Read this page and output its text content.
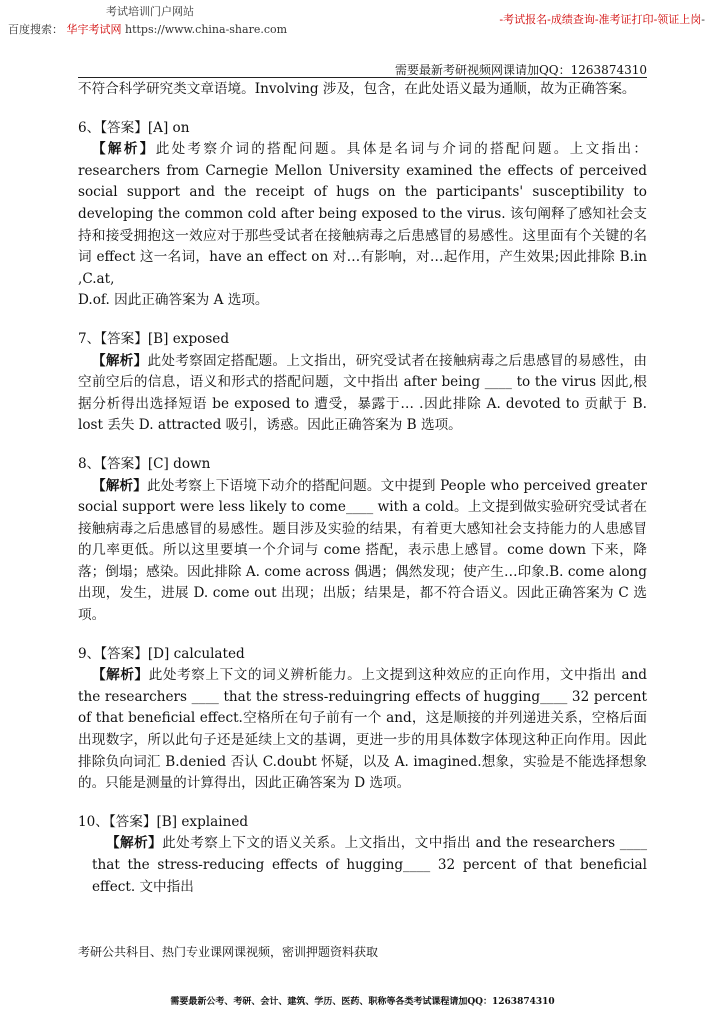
考试培训门户网站
百度搜索： 华宇考试网 https://www.china-share.com
-考试报名-成绩查询-准考证打印-领证上岗-
需要最新考研视频网课请加QQ：1263874310

不符合科学研究类文章语境。Involving 涉及，包含，在此处语义最为通顺，故为正确答案。

6、【答案】[A] on

【解析】此处考察介词的搭配问题。具体是名词与介词的搭配问题。上文指出：researchers from Carnegie Mellon University examined the effects of perceived social support and the receipt of hugs on the participants' susceptibility to developing the common cold after being exposed to the virus. 该句阐释了感知社会支持和接受拥抱这一效应对于那些受试者在接触病毒之后患感冒的易感性。这里面有个关键的名词 effect 这一名词，have an effect on 对…有影响，对…起作用，产生效果;因此排除 B.in ,C.at,

D.of. 因此正确答案为 A 选项。

7、【答案】[B] exposed

【解析】此处考察固定搭配题。上文指出，研究受试者在接触病毒之后患感冒的易感性，由空前空后的信息，语义和形式的搭配问题，文中指出 after being ____ to the virus 因此,根据分析得出选择短语 be exposed to 遭受，暴露于… .因此排除 A. devoted to 贡献于 B. lost 丢失 D. attracted 吸引，诱惑。因此正确答案为 B 选项。

8、【答案】[C] down

【解析】此处考察上下语境下动介的搭配问题。文中提到 People who perceived greater social support were less likely to come____ with a cold。上文提到做实验研究受试者在接触病毒之后患感冒的易感性。题目涉及实验的结果，有着更大感知社会支持能力的人患感冒的几率更低。所以这里要填一个介词与 come 搭配，表示患上感冒。come down 下来，降落；倒塌；感染。因此排除 A. come across 偶遇；偶然发现；使产生…印象.B. come along 出现，发生，进展 D. come out 出现；出版；结果是，都不符合语义。因此正确答案为 C 选项。

9、【答案】[D] calculated

【解析】此处考察上下文的词义辨析能力。上文提到这种效应的正向作用，文中指出 and the researchers ____ that the stress-reduingring effects of hugging____ 32 percent of that beneficial effect.空格所在句子前有一个 and，这是顺接的并列递进关系，空格后面出现数字，所以此句子还是延续上文的基调，更进一步的用具体数字体现这种正向作用。因此排除负向词汇 B.denied 否认 C.doubt 怀疑，以及 A. imagined.想象，实验是不能选择想象的。只能是测量的计算得出，因此正确答案为 D 选项。

10、【答案】[B] explained

【解析】此处考察上下文的语义关系。上文指出，文中指出 and the researchers ____ that the stress-reducing effects of hugging____ 32 percent of that beneficial effect. 文中指出

考研公共科目、热门专业课网课视频，密训押题资料获取
需要最新公考、考研、会计、建筑、学历、医药、职称等各类考试课程请加QQ：1263874310
